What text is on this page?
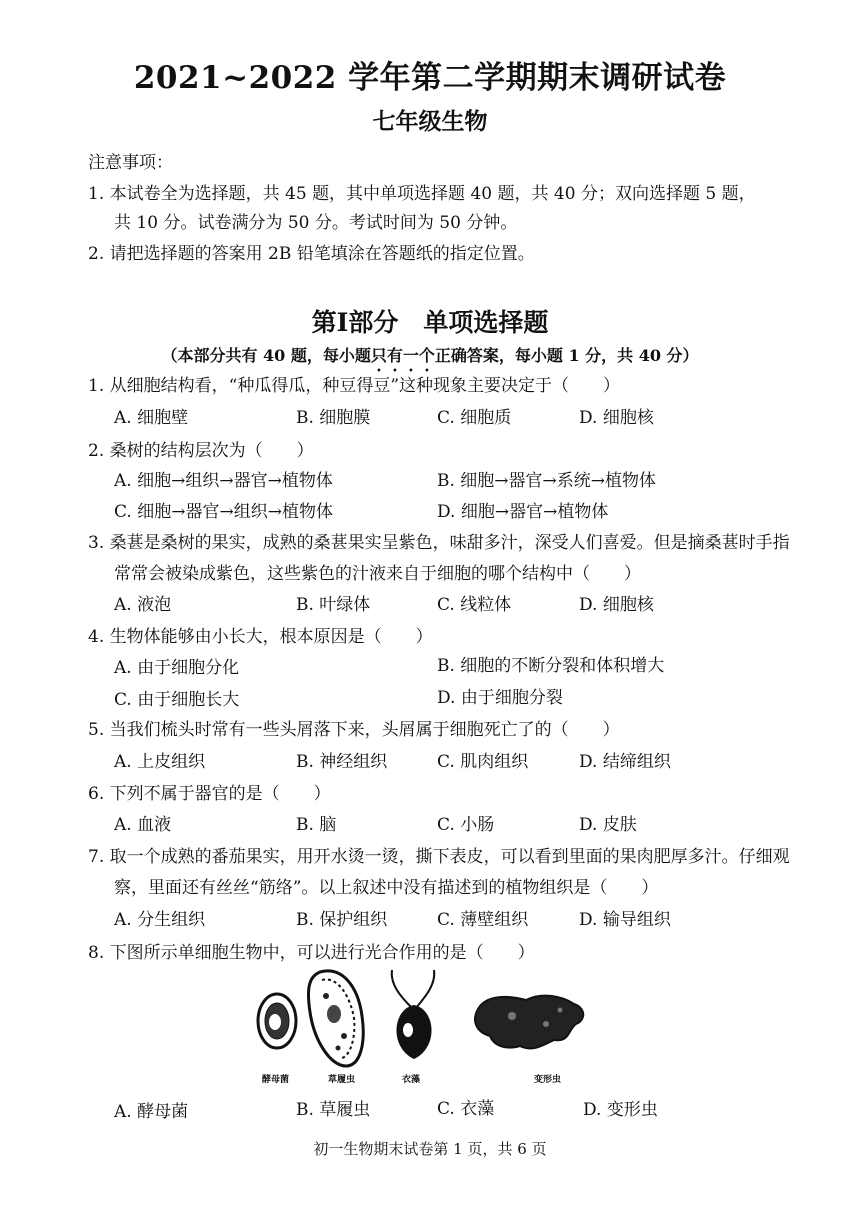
2021~2022 学年第二学期期末调研试卷
七年级生物
注意事项：
1. 本试卷全为选择题，共 45 题，其中单项选择题 40 题，共 40 分；双向选择题 5 题，
共 10 分。试卷满分为 50 分。考试时间为 50 分钟。
2. 请把选择题的答案用 2B 铅笔填涂在答题纸的指定位置。
第Ⅰ部分　单项选择题
（本部分共有 40 题，每小题只有一个正确答案，每小题 1 分，共 40 分）
1. 从细胞结构看，“种瓜得瓜，种豆得豆”这种现象主要决定于（　　）
A. 细胞壁	B. 细胞膜	C. 细胞质	D. 细胞核
2. 桑树的结构层次为（　　）
A. 细胞→组织→器官→植物体	B. 细胞→器官→系统→植物体
C. 细胞→器官→组织→植物体	D. 细胞→器官→植物体
3. 桑葚是桑树的果实，成熟的桑葚果实呈紫色，味甜多汁，深受人们喜爱。但是摘桑葚时手指
常常会被染成紫色，这些紫色的汁液来自于细胞的哪个结构中（　　）
A. 液泡	B. 叶绿体	C. 线粒体	D. 细胞核
4. 生物体能够由小长大，根本原因是（　　）
A. 由于细胞分化	B. 细胞的不断分裂和体积增大
C. 由于细胞长大	D. 由于细胞分裂
5. 当我们梳头时常有一些头屑落下来，头屑属于细胞死亡了的（　　）
A. 上皮组织	B. 神经组织	C. 肌肉组织	D. 结缔组织
6. 下列不属于器官的是（　　）
A. 血液	B. 脑	C. 小肠	D. 皮肤
7. 取一个成熟的番茄果实，用开水烫一烫，撕下表皮，可以看到里面的果肉肥厚多汁。仔细观
察，里面还有丝丝“筋络”。以上叙述中没有描述到的植物组织是（　　）
A. 分生组织	B. 保护组织	C. 薄壁组织	D. 输导组织
8. 下图所示单细胞生物中，可以进行光合作用的是（　　）
酵母菌	草履虫	衣藻	变形虫
A. 酵母菌	B. 草履虫	C. 衣藻	D. 变形虫
初一生物期末试卷第 1 页，共 6 页
